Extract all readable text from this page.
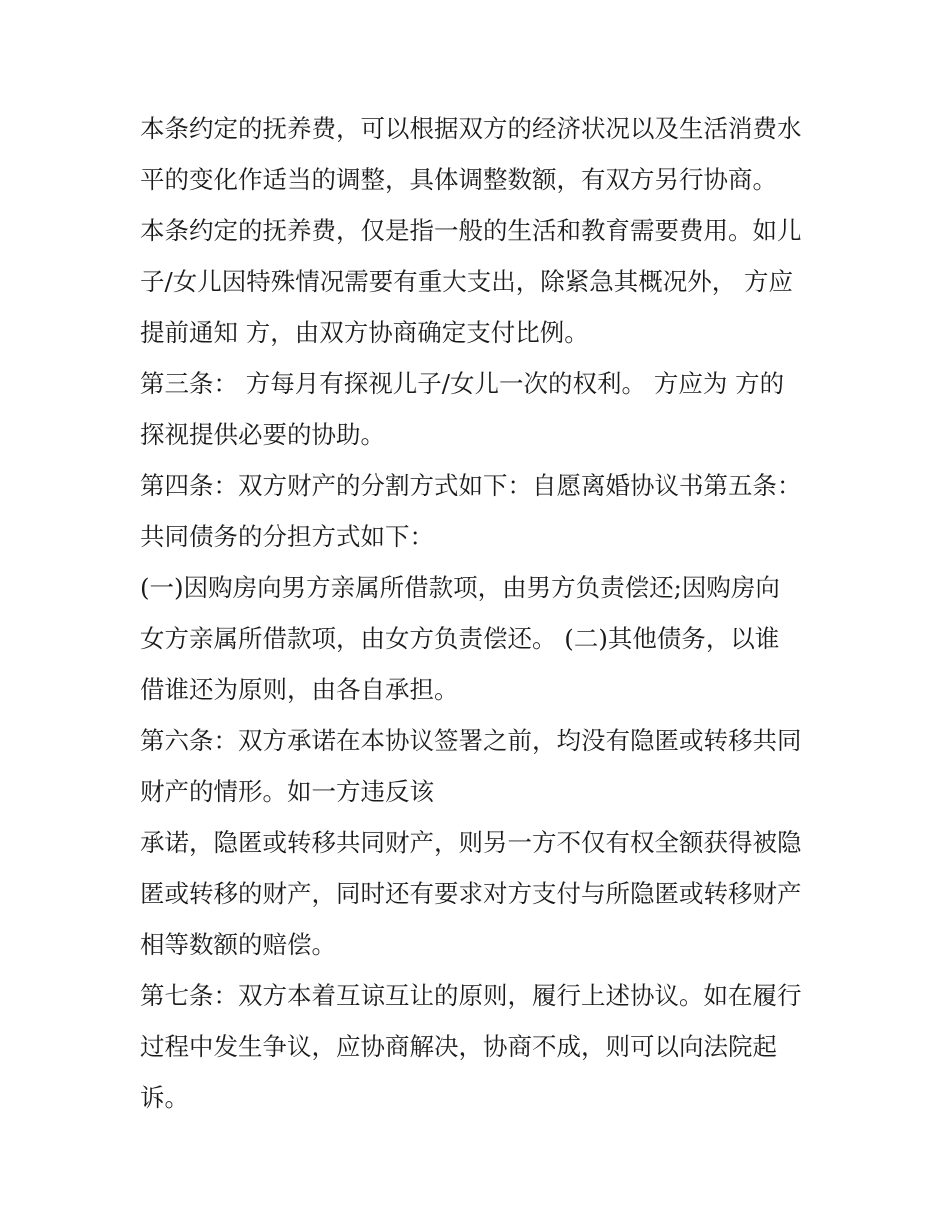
本条约定的抚养费，可以根据双方的经济状况以及生活消费水
平的变化作适当的调整，具体调整数额，有双方另行协商。
本条约定的抚养费，仅是指一般的生活和教育需要费用。如儿
子/女儿因特殊情况需要有重大支出，除紧急其概况外， 方应
提前通知 方，由双方协商确定支付比例。
第三条： 方每月有探视儿子/女儿一次的权利。 方应为 方的
探视提供必要的协助。
第四条：双方财产的分割方式如下：自愿离婚协议书第五条：
共同债务的分担方式如下：
(一)因购房向男方亲属所借款项，由男方负责偿还;因购房向
女方亲属所借款项，由女方负责偿还。 (二)其他债务，以谁
借谁还为原则，由各自承担。
第六条：双方承诺在本协议签署之前，均没有隐匿或转移共同
财产的情形。如一方违反该
承诺，隐匿或转移共同财产，则另一方不仅有权全额获得被隐
匿或转移的财产，同时还有要求对方支付与所隐匿或转移财产
相等数额的赔偿。
第七条：双方本着互谅互让的原则，履行上述协议。如在履行
过程中发生争议，应协商解决，协商不成，则可以向法院起
诉。
